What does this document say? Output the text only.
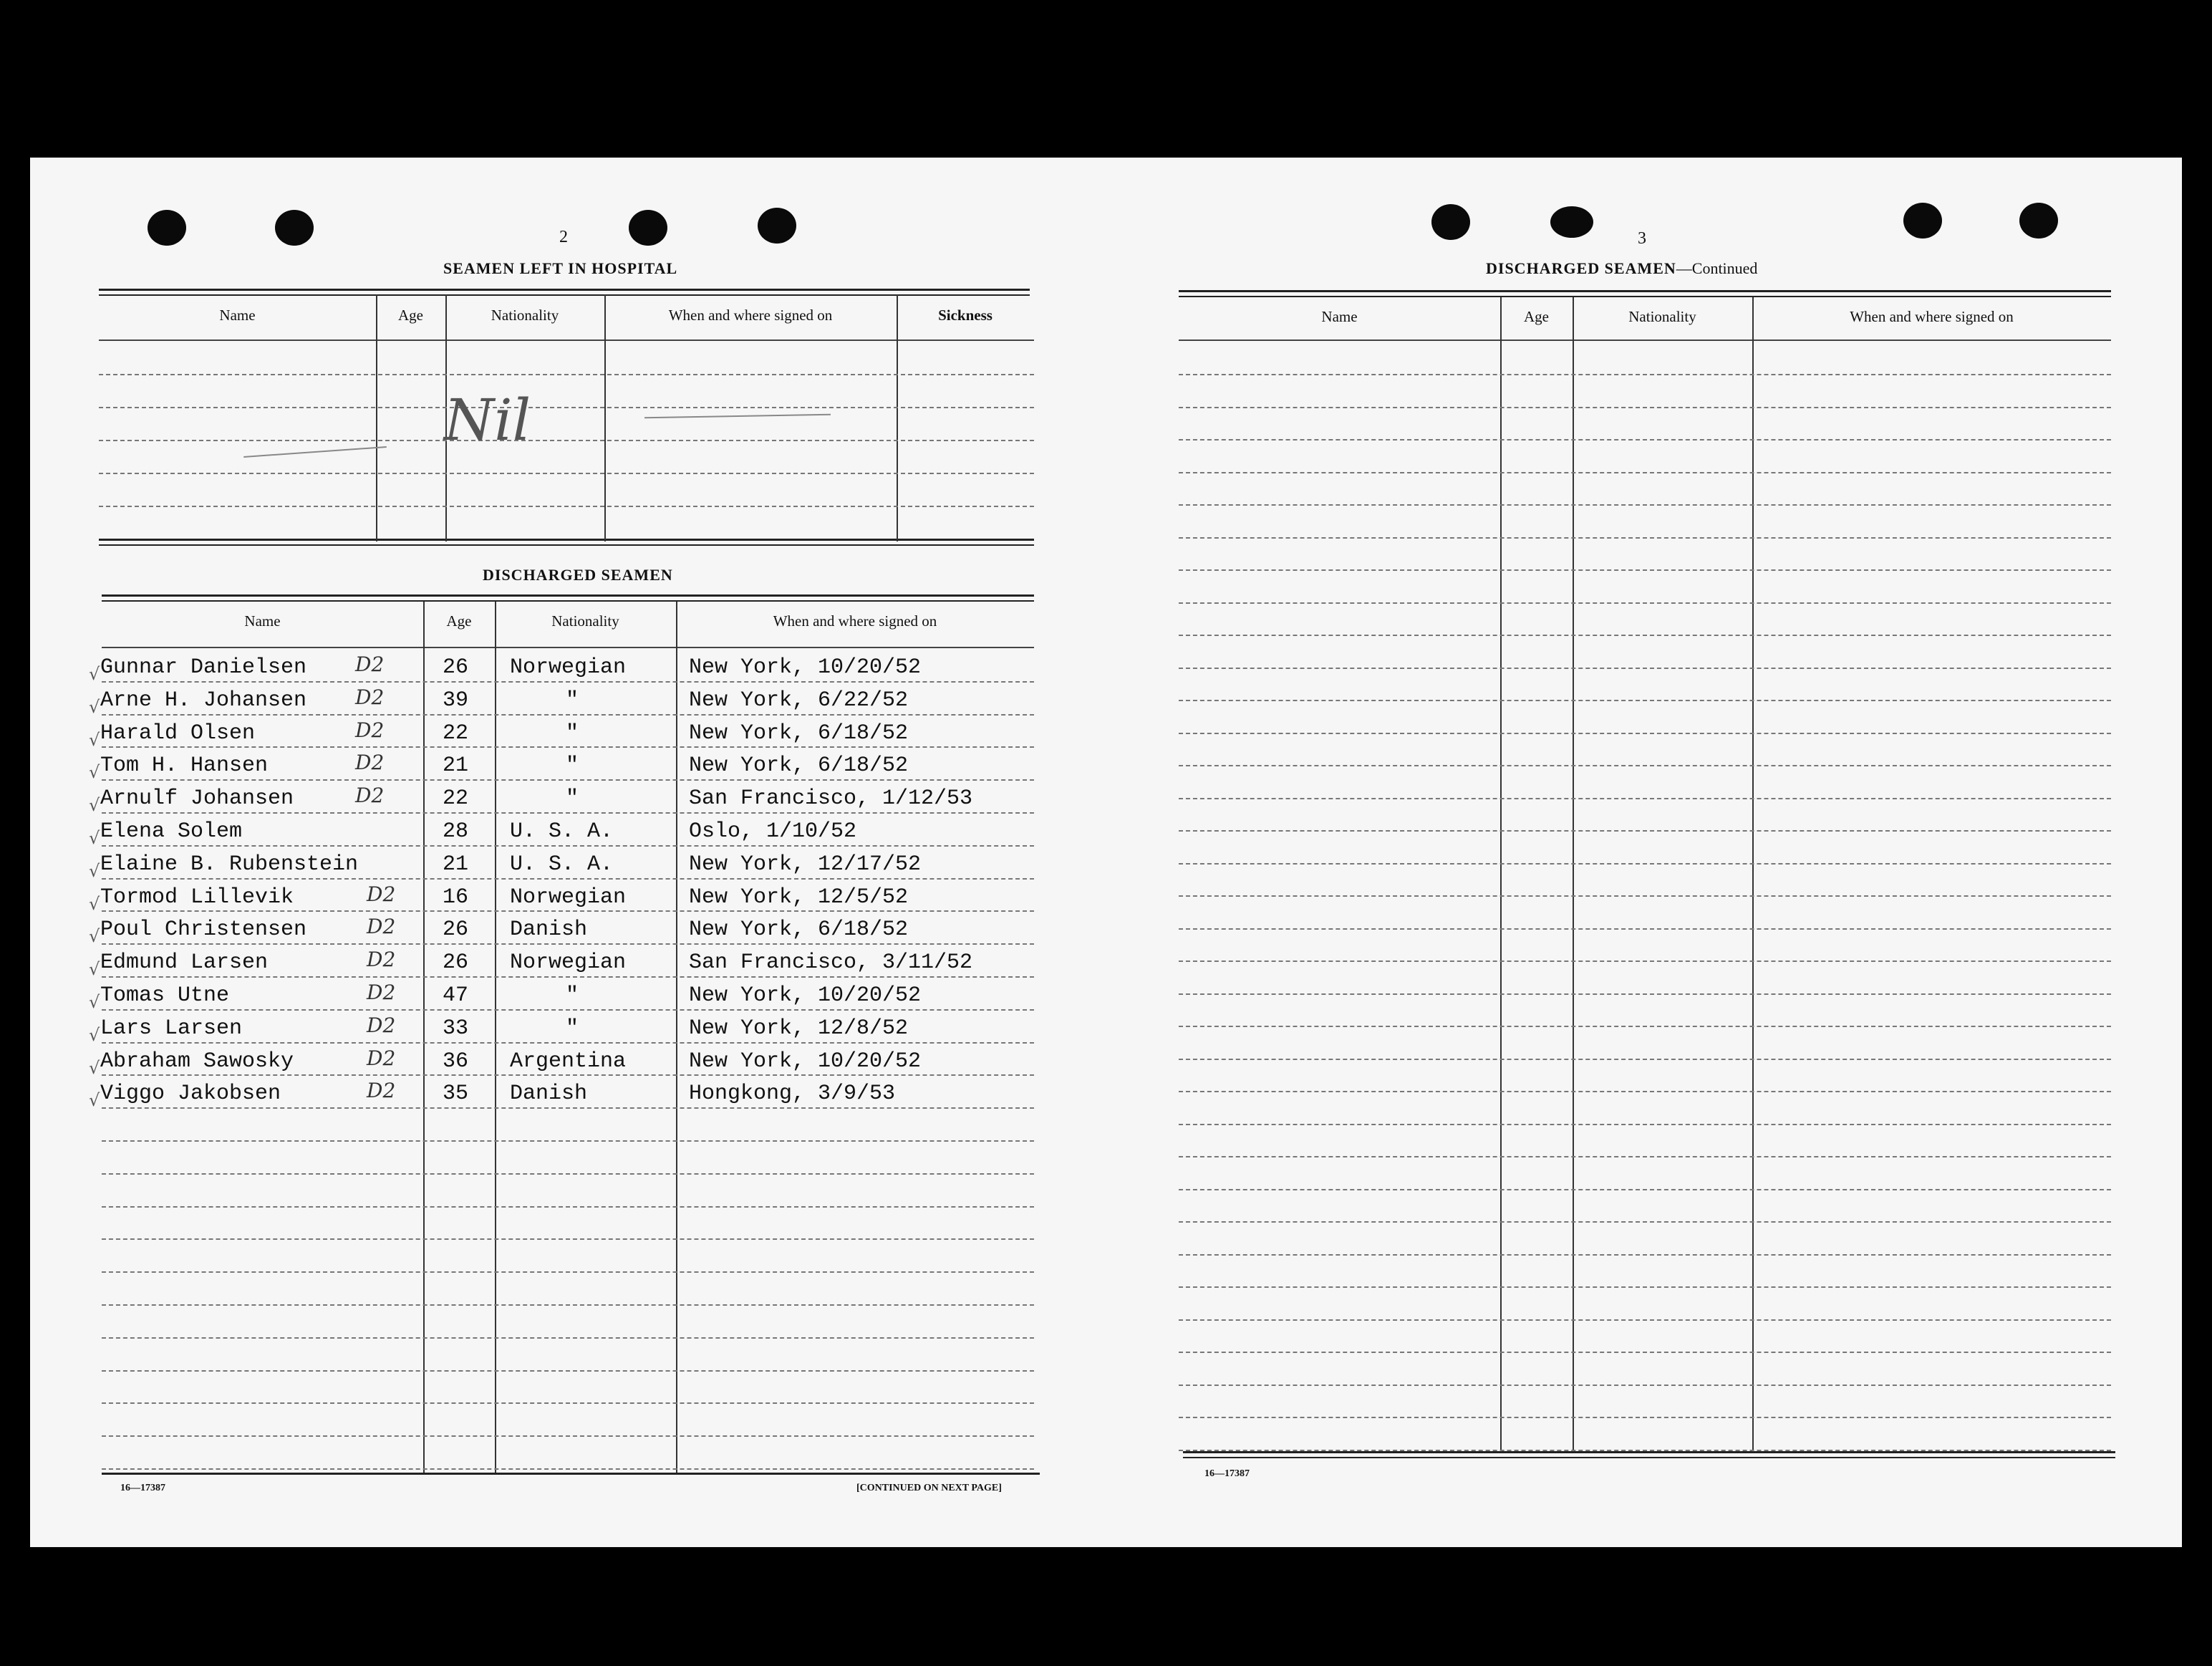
2
SEAMEN LEFT IN HOSPITAL
Name	Age	Nationality	When and where signed on	Sickness
Nil
DISCHARGED SEAMEN
Name	Age	Nationality	When and where signed on
Gunnar Danielsen	26 Norwegian	New York, 10/20/52
D2
√
Arne H. Johansen	39	"	New York, 6/22/52
D2
√
Harald Olsen	22	"	New York, 6/18/52
D2
√
Tom H. Hansen	21	"	New York, 6/18/52
D2
√
Arnulf Johansen	22	"	San Francisco, 1/12/53
D2
√
Elena Solem	28 U. S. A.	Oslo, 1/10/52
√
Elaine B. Rubenstein	21 U. S. A.	New York, 12/17/52
√
Tormod Lillevik	16 Norwegian	New York, 12/5/52
D2
√
Poul Christensen	26 Danish	New York, 6/18/52
D2
√
Edmund Larsen	26 Norwegian	San Francisco, 3/11/52
D2
√
Tomas Utne	47	"	New York, 10/20/52
D2
√
Lars Larsen	33	"	New York, 12/8/52
D2
√
Abraham Sawosky	36 Argentina	New York, 10/20/52
D2
√
Viggo Jakobsen	35 Danish	Hongkong, 3/9/53
D2
√
16—17387	[CONTINUED ON NEXT PAGE]
3
DISCHARGED SEAMEN—Continued
Name	Age	Nationality	When and where signed on
16—17387
